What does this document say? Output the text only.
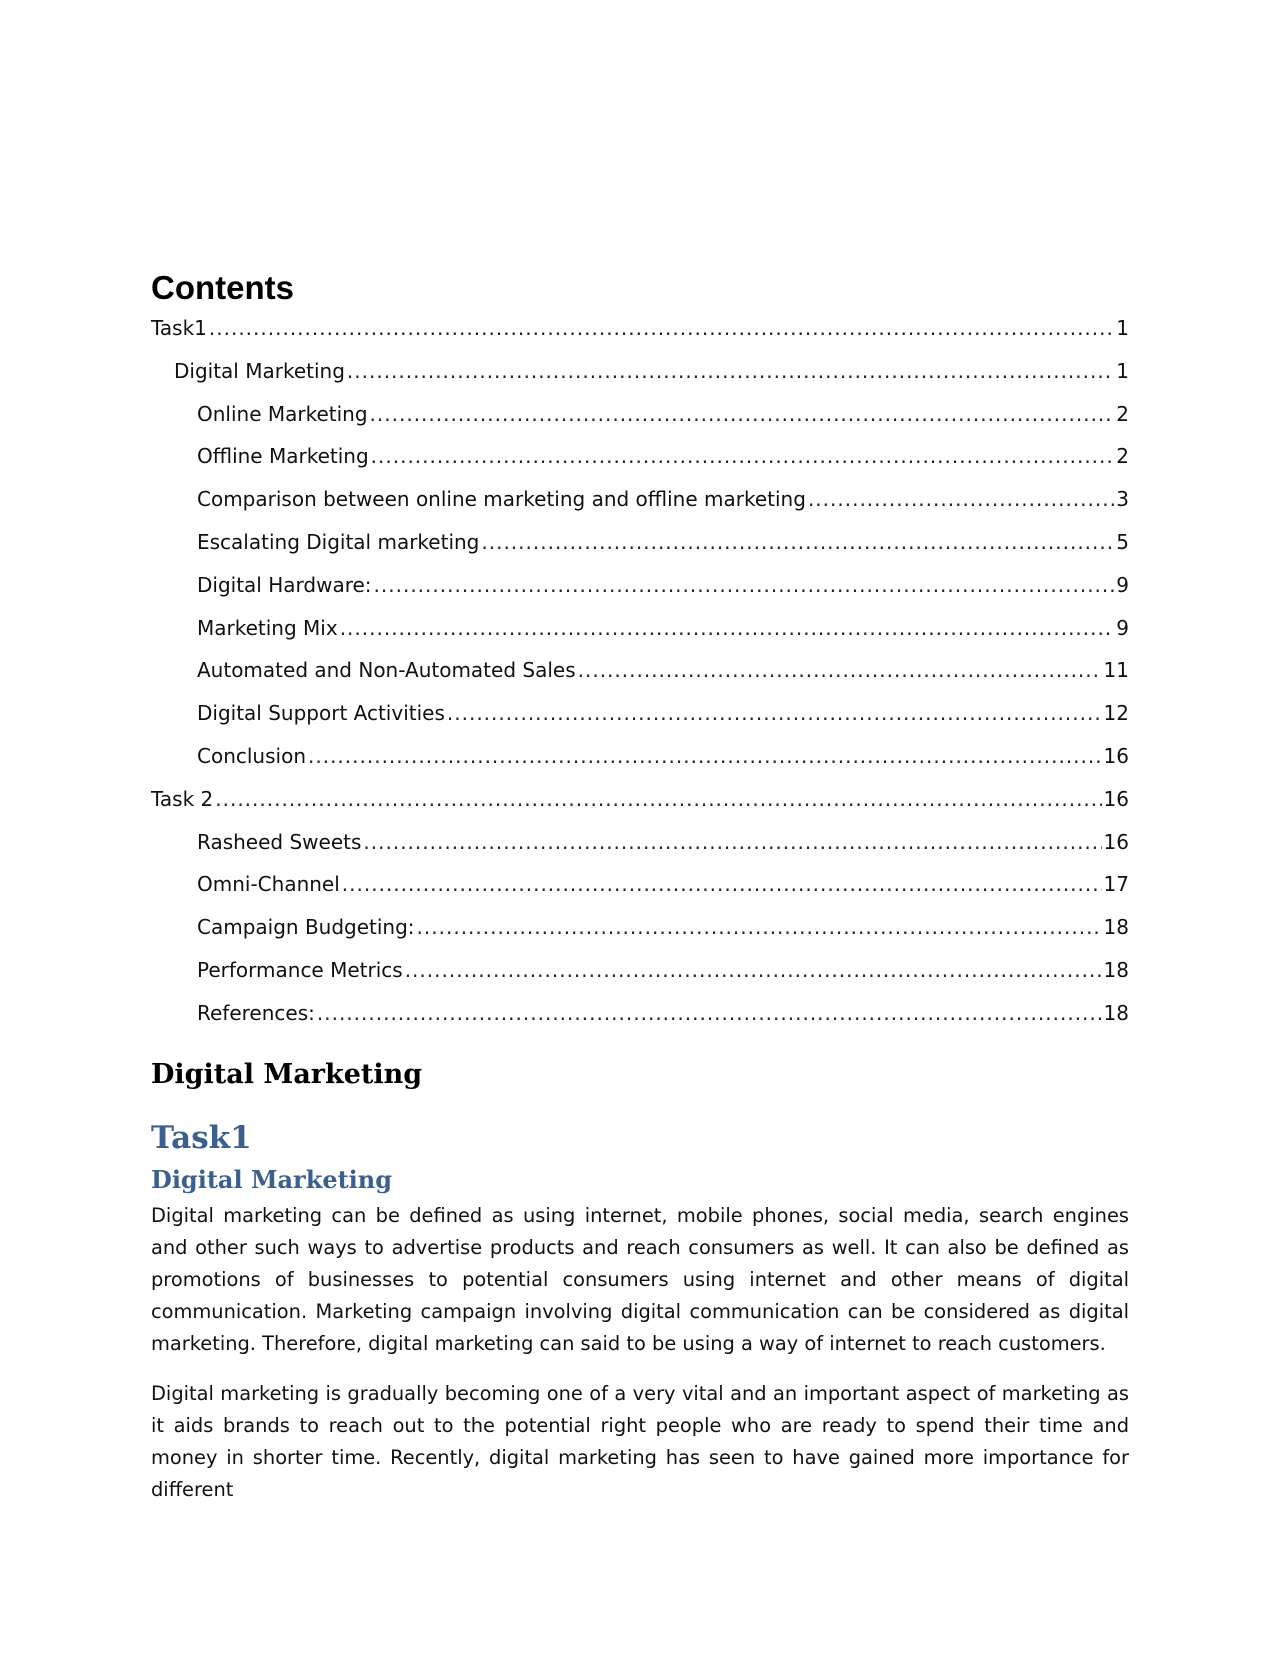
Contents
Task1 .....	1
Digital Marketing .....	1
Online Marketing .....	2
Offline Marketing .....	2
Comparison between online marketing and offline marketing .....	3
Escalating Digital marketing .....	5
Digital Hardware: .....	9
Marketing Mix .....	9
Automated and Non-Automated Sales .....	11
Digital Support Activities .....	12
Conclusion .....	16
Task 2 .....	16
Rasheed Sweets .....	16
Omni-Channel .....	17
Campaign Budgeting: .....	18
Performance Metrics .....	18
References: .....	18
Digital Marketing
Task1
Digital Marketing

Digital marketing can be defined as using internet, mobile phones, social media, search engines and other such ways to advertise products and reach consumers as well. It can also be defined as promotions of businesses to potential consumers using internet and other means of digital communication. Marketing campaign involving digital communication can be considered as digital marketing. Therefore, digital marketing can said to be using a way of internet to reach customers.

Digital marketing is gradually becoming one of a very vital and an important aspect of marketing as it aids brands to reach out to the potential right people who are ready to spend their time and money in shorter time. Recently, digital marketing has seen to have gained more importance for different
